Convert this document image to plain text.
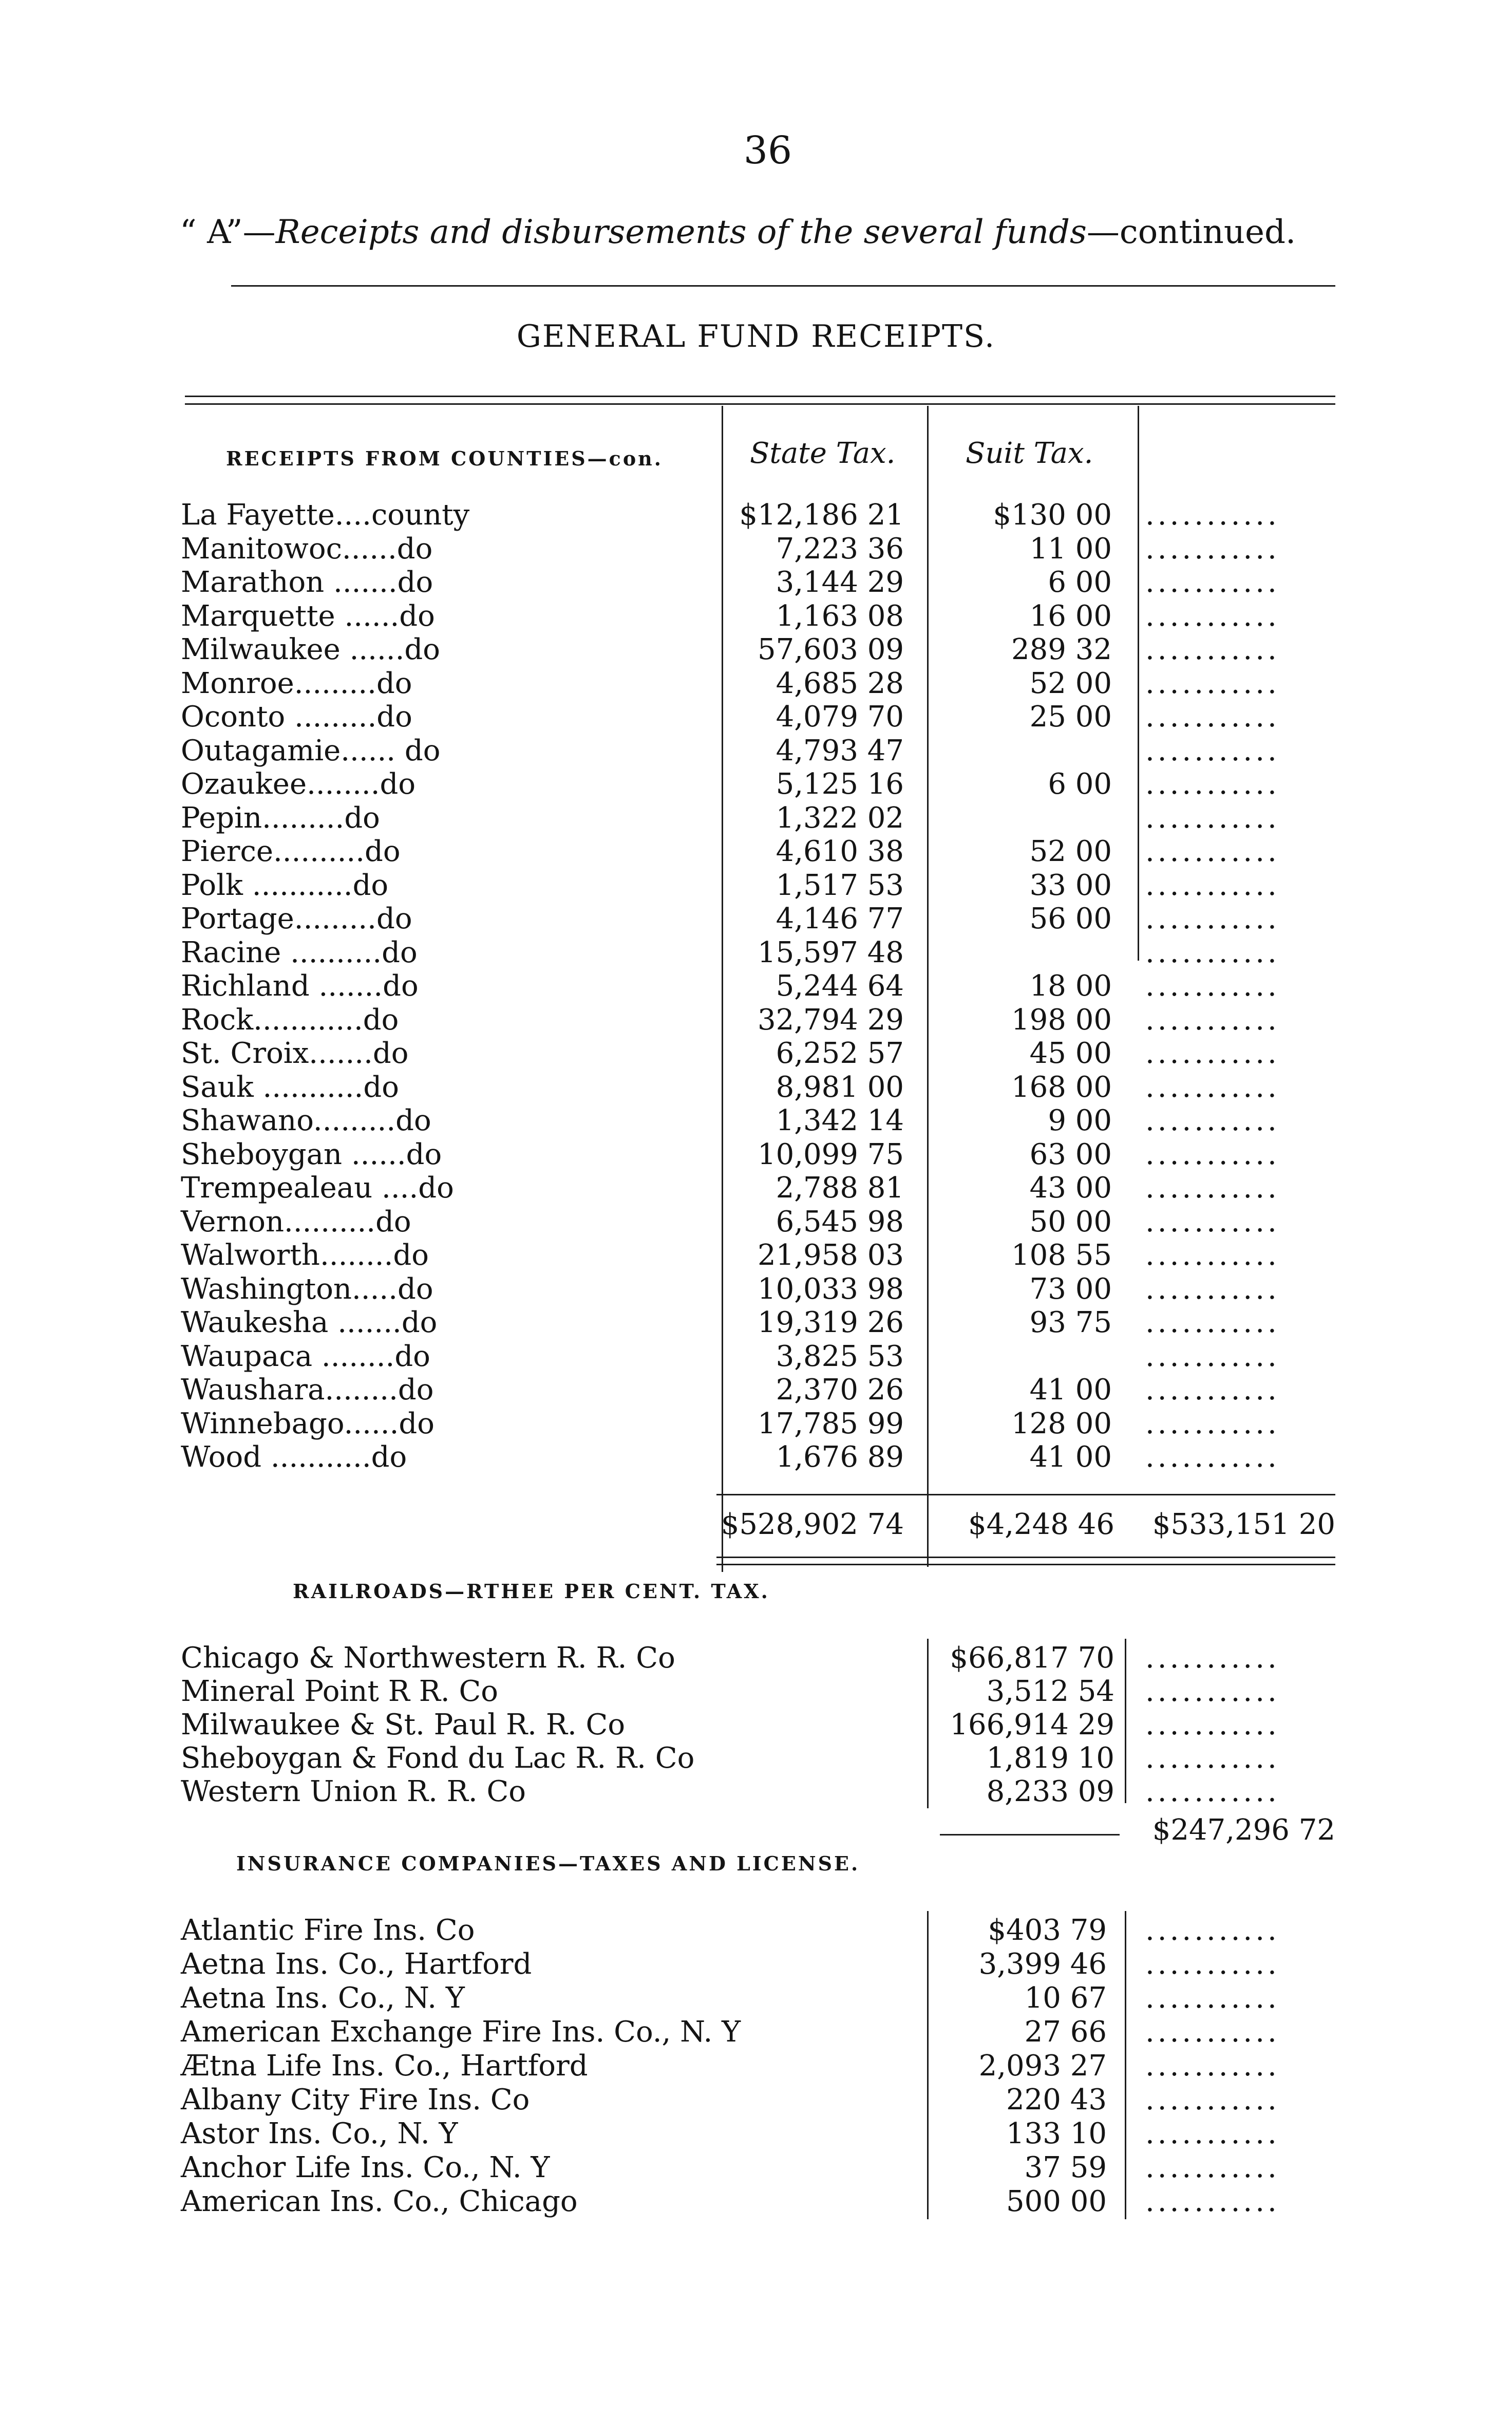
36
“ A”—Receipts and disbursements of the several funds—continued.
GENERAL FUND RECEIPTS.
RECEIPTS FROM COUNTIES—con.	State Tax. Suit Tax.
La Fayette....county	$12,186 21	$130 00 ...........
Manitowoc......do	7,223 36	11 00 ...........
Marathon .......do	3,144 29	6 00 ...........
Marquette ......do	1,163 08	16 00 ...........
Milwaukee ......do	57,603 09	289 32 ...........
Monroe.........do	4,685 28	52 00 ...........
Oconto .........do	4,079 70	25 00 ...........
Outagamie...... do	4,793 47	...........
Ozaukee........do	5,125 16	6 00 ...........
Pepin.........do	1,322 02	...........
Pierce..........do	4,610 38	52 00 ...........
Polk ...........do	1,517 53	33 00 ...........
Portage.........do	4,146 77	56 00 ...........
Racine ..........do	15,597 48	...........
Richland .......do	5,244 64	18 00 ...........
Rock............do	32,794 29	198 00 ...........
St. Croix.......do	6,252 57	45 00 ...........
Sauk ...........do	8,981 00	168 00 ...........
Shawano.........do	1,342 14	9 00 ...........
Sheboygan ......do	10,099 75	63 00 ...........
Trempealeau ....do	2,788 81	43 00 ...........
Vernon..........do	6,545 98	50 00 ...........
Walworth........do	21,958 03	108 55 ...........
Washington.....do	10,033 98	73 00 ...........
Waukesha .......do	19,319 26	93 75 ...........
Waupaca ........do	3,825 53	...........
Waushara........do	2,370 26	41 00 ...........
Winnebago......do	17,785 99	128 00 ...........
Wood ...........do	1,676 89	41 00 ...........
$528,902 74	$4,248 46	$533,151 20
RAILROADS—RTHEE PER CENT. TAX.
Chicago & Northwestern R. R. Co	$66,817 70 ...........
Mineral Point R R. Co	3,512 54 ...........
Milwaukee & St. Paul R. R. Co	166,914 29 ...........
Sheboygan & Fond du Lac R. R. Co	1,819 10 ...........
Western Union R. R. Co	8,233 09 ...........
$247,296 72
INSURANCE COMPANIES—TAXES AND LICENSE.
Atlantic Fire Ins. Co	$403 79 ...........
Aetna Ins. Co., Hartford	3,399 46 ...........
Aetna Ins. Co., N. Y	10 67 ...........
American Exchange Fire Ins. Co., N. Y	27 66 ...........
Ætna Life Ins. Co., Hartford	2,093 27 ...........
Albany City Fire Ins. Co	220 43 ...........
Astor Ins. Co., N. Y	133 10 ...........
Anchor Life Ins. Co., N. Y	37 59 ...........
American Ins. Co., Chicago	500 00 ...........
